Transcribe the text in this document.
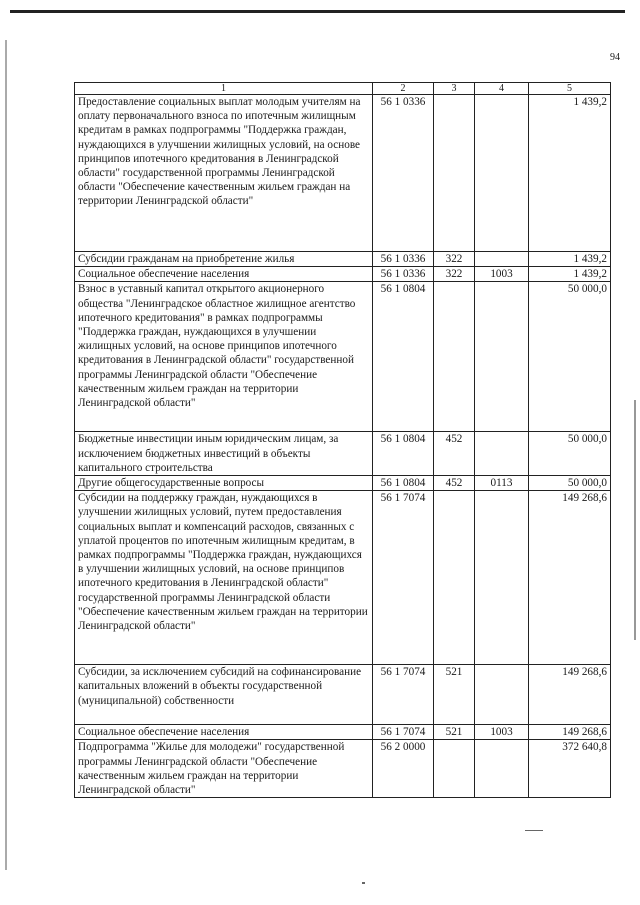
94
1	2	3	4	5
Предоставление социальных выплат молодым учителям на оплату первоначального взноса по ипотечным жилищным кредитам в рамках подпрограммы "Поддержка граждан, нуждающихся в улучшении жилищных условий, на основе принципов ипотечного кредитования в Ленинградской области" государственной программы Ленинградской области "Обеспечение качественным жильем граждан на территории Ленинградской области"	56 1 0336			1 439,2
Субсидии гражданам на приобретение жилья	56 1 0336	322		1 439,2
Социальное обеспечение населения	56 1 0336	322	1003	1 439,2
Взнос в уставный капитал открытого акционерного общества "Ленинградское областное жилищное агентство ипотечного кредитования" в рамках подпрограммы "Поддержка граждан, нуждающихся в улучшении жилищных условий, на основе принципов ипотечного кредитования в Ленинградской области" государственной программы Ленинградской области "Обеспечение качественным жильем граждан на территории Ленинградской области"	56 1 0804			50 000,0
Бюджетные инвестиции иным юридическим лицам, за исключением бюджетных инвестиций в объекты капитального строительства	56 1 0804	452		50 000,0
Другие общегосударственные вопросы	56 1 0804	452	0113	50 000,0
Субсидии на поддержку граждан, нуждающихся в улучшении жилищных условий, путем предоставления социальных выплат и компенсаций расходов, связанных с уплатой процентов по ипотечным жилищным кредитам, в рамках подпрограммы "Поддержка граждан, нуждающихся в улучшении жилищных условий, на основе принципов ипотечного кредитования в Ленинградской области" государственной программы Ленинградской области "Обеспечение качественным жильем граждан на территории Ленинградской области"	56 1 7074			149 268,6
Субсидии, за исключением субсидий на софинансирование капитальных вложений в объекты государственной (муниципальной) собственности	56 1 7074	521		149 268,6
Социальное обеспечение населения	56 1 7074	521	1003	149 268,6
Подпрограмма "Жилье для молодежи" государственной программы Ленинградской области "Обеспечение качественным жильем граждан на территории Ленинградской области"	56 2 0000			372 640,8
